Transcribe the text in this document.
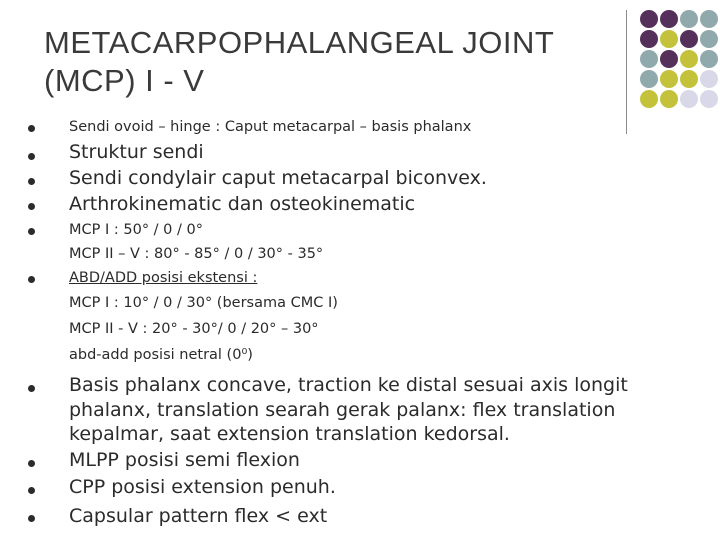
METACARPOPHALANGEAL JOINT
(MCP) I - V
Sendi ovoid – hinge : Caput metacarpal – basis phalanx
Struktur sendi
Sendi condylair caput metacarpal biconvex.
Arthrokinematic dan osteokinematic
MCP I : 50° / 0 / 0°
MCP II – V : 80° - 85° / 0 / 30° - 35°
ABD/ADD posisi ekstensi :
MCP I : 10° / 0 / 30° (bersama CMC I)
MCP II - V : 20° - 30°/ 0 / 20° – 30°
abd-add posisi netral (0⁰)
Basis phalanx concave, traction ke distal sesuai axis longit
phalanx, translation searah gerak palanx: flex translation
kepalmar, saat extension translation kedorsal.
MLPP posisi semi flexion
CPP posisi extension penuh.
Capsular pattern flex < ext
